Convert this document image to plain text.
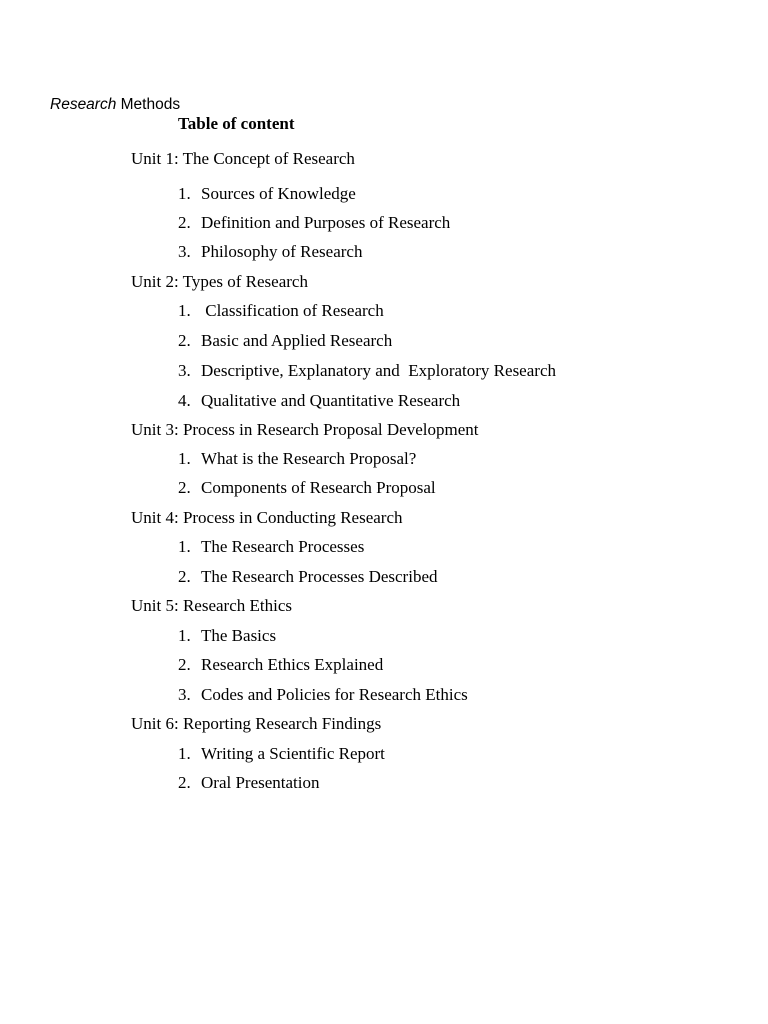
Research Methods
Table of content
Unit 1: The Concept of Research
1. Sources of Knowledge
2. Definition and Purposes of Research
3. Philosophy of Research
Unit 2: Types of Research
1. Classification of Research
2. Basic and Applied Research
3. Descriptive, Explanatory and  Exploratory Research
4. Qualitative and Quantitative Research
Unit 3: Process in Research Proposal Development
1. What is the Research Proposal?
2. Components of Research Proposal
Unit 4: Process in Conducting Research
1. The Research Processes
2. The Research Processes Described
Unit 5: Research Ethics
1. The Basics
2. Research Ethics Explained
3. Codes and Policies for Research Ethics
Unit 6: Reporting Research Findings
1. Writing a Scientific Report
2. Oral Presentation
